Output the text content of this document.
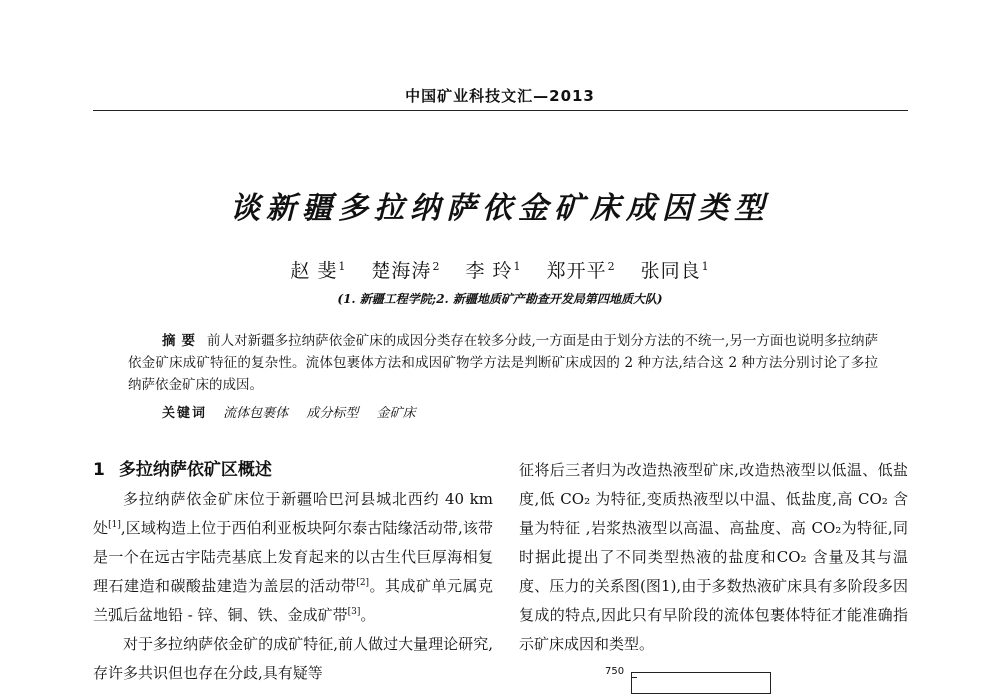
中国矿业科技文汇—2013
谈新疆多拉纳萨依金矿床成因类型
赵 斐$^1$ 楚海涛$^2$ 李 玲$^1$ 郑开平$^2$ 张同良$^1$
(1. 新疆工程学院;2. 新疆地质矿产勘查开发局第四地质大队)
摘要 前人对新疆多拉纳萨依金矿床的成因分类存在较多分歧,一方面是由于划分方法的不统一,另一方面也说明多拉纳萨依金矿床成矿特征的复杂性。流体包裹体方法和成因矿物学方法是判断矿床成因的 2 种方法,结合这 2 种方法分别讨论了多拉纳萨依金矿床的成因。
关键词 流体包裹体 成分标型 金矿床
1 多拉纳萨依矿区概述
多拉纳萨依金矿床位于新疆哈巴河县城北西约 40 km 处[1],区域构造上位于西伯利亚板块阿尔泰古陆缘活动带,该带是一个在远古宇陆壳基底上发育起来的以古生代巨厚海相复理石建造和碳酸盐建造为盖层的活动带[2]。其成矿单元属克兰弧后盆地铅 - 锌、铜、铁、金成矿带[3]。
对于多拉纳萨依金矿的成矿特征,前人做过大量理论研究,存许多共识但也存在分歧,具有疑等
征将后三者归为改造热液型矿床,改造热液型以低温、低盐度,低 CO₂ 为特征,变质热液型以中温、低盐度,高 CO₂ 含量为特征 ,岩浆热液型以高温、高盐度、高 CO₂为特征,同时据此提出了不同类型热液的盐度和CO₂ 含量及其与温度、压力的关系图(图1),由于多数热液矿床具有多阶段多因复成的特点,因此只有早阶段的流体包裹体特征才能准确指示矿床成因和类型。
750
